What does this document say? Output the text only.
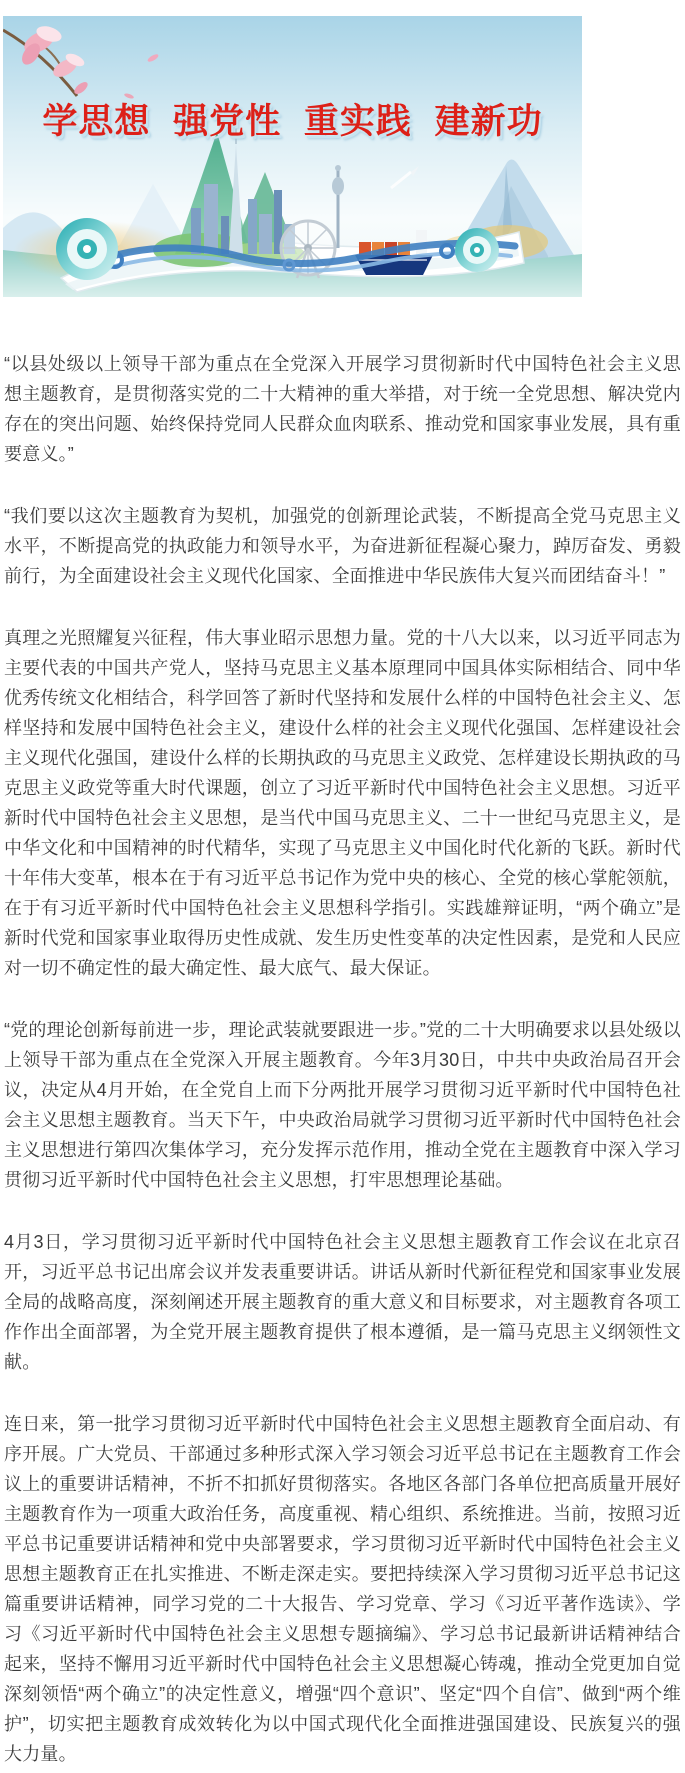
学思想 强党性 重实践 建新功

“以县处级以上领导干部为重点在全党深入开展学习贯彻新时代中国特色社会主义思想主题教育，是贯彻落实党的二十大精神的重大举措，对于统一全党思想、解决党内存在的突出问题、始终保持党同人民群众血肉联系、推动党和国家事业发展，具有重要意义。”

“我们要以这次主题教育为契机，加强党的创新理论武装，不断提高全党马克思主义水平，不断提高党的执政能力和领导水平，为奋进新征程凝心聚力，踔厉奋发、勇毅前行，为全面建设社会主义现代化国家、全面推进中华民族伟大复兴而团结奋斗！”

真理之光照耀复兴征程，伟大事业昭示思想力量。党的十八大以来，以习近平同志为主要代表的中国共产党人，坚持马克思主义基本原理同中国具体实际相结合、同中华优秀传统文化相结合，科学回答了新时代坚持和发展什么样的中国特色社会主义、怎样坚持和发展中国特色社会主义，建设什么样的社会主义现代化强国、怎样建设社会主义现代化强国，建设什么样的长期执政的马克思主义政党、怎样建设长期执政的马克思主义政党等重大时代课题，创立了习近平新时代中国特色社会主义思想。习近平新时代中国特色社会主义思想，是当代中国马克思主义、二十一世纪马克思主义，是中华文化和中国精神的时代精华，实现了马克思主义中国化时代化新的飞跃。新时代十年伟大变革，根本在于有习近平总书记作为党中央的核心、全党的核心掌舵领航，在于有习近平新时代中国特色社会主义思想科学指引。实践雄辩证明，“两个确立”是新时代党和国家事业取得历史性成就、发生历史性变革的决定性因素，是党和人民应对一切不确定性的最大确定性、最大底气、最大保证。

“党的理论创新每前进一步，理论武装就要跟进一步。”党的二十大明确要求以县处级以上领导干部为重点在全党深入开展主题教育。今年3月30日，中共中央政治局召开会议，决定从4月开始，在全党自上而下分两批开展学习贯彻习近平新时代中国特色社会主义思想主题教育。当天下午，中央政治局就学习贯彻习近平新时代中国特色社会主义思想进行第四次集体学习，充分发挥示范作用，推动全党在主题教育中深入学习贯彻习近平新时代中国特色社会主义思想，打牢思想理论基础。

4月3日，学习贯彻习近平新时代中国特色社会主义思想主题教育工作会议在北京召开，习近平总书记出席会议并发表重要讲话。讲话从新时代新征程党和国家事业发展全局的战略高度，深刻阐述开展主题教育的重大意义和目标要求，对主题教育各项工作作出全面部署，为全党开展主题教育提供了根本遵循，是一篇马克思主义纲领性文献。

连日来，第一批学习贯彻习近平新时代中国特色社会主义思想主题教育全面启动、有序开展。广大党员、干部通过多种形式深入学习领会习近平总书记在主题教育工作会议上的重要讲话精神，不折不扣抓好贯彻落实。各地区各部门各单位把高质量开展好主题教育作为一项重大政治任务，高度重视、精心组织、系统推进。当前，按照习近平总书记重要讲话精神和党中央部署要求，学习贯彻习近平新时代中国特色社会主义思想主题教育正在扎实推进、不断走深走实。要把持续深入学习贯彻习近平总书记这篇重要讲话精神，同学习党的二十大报告、学习党章、学习《习近平著作选读》、学习《习近平新时代中国特色社会主义思想专题摘编》、学习总书记最新讲话精神结合起来，坚持不懈用习近平新时代中国特色社会主义思想凝心铸魂，推动全党更加自觉深刻领悟“两个确立”的决定性意义，增强“四个意识”、坚定“四个自信”、做到“两个维护”，切实把主题教育成效转化为以中国式现代化全面推进强国建设、民族复兴的强大力量。
